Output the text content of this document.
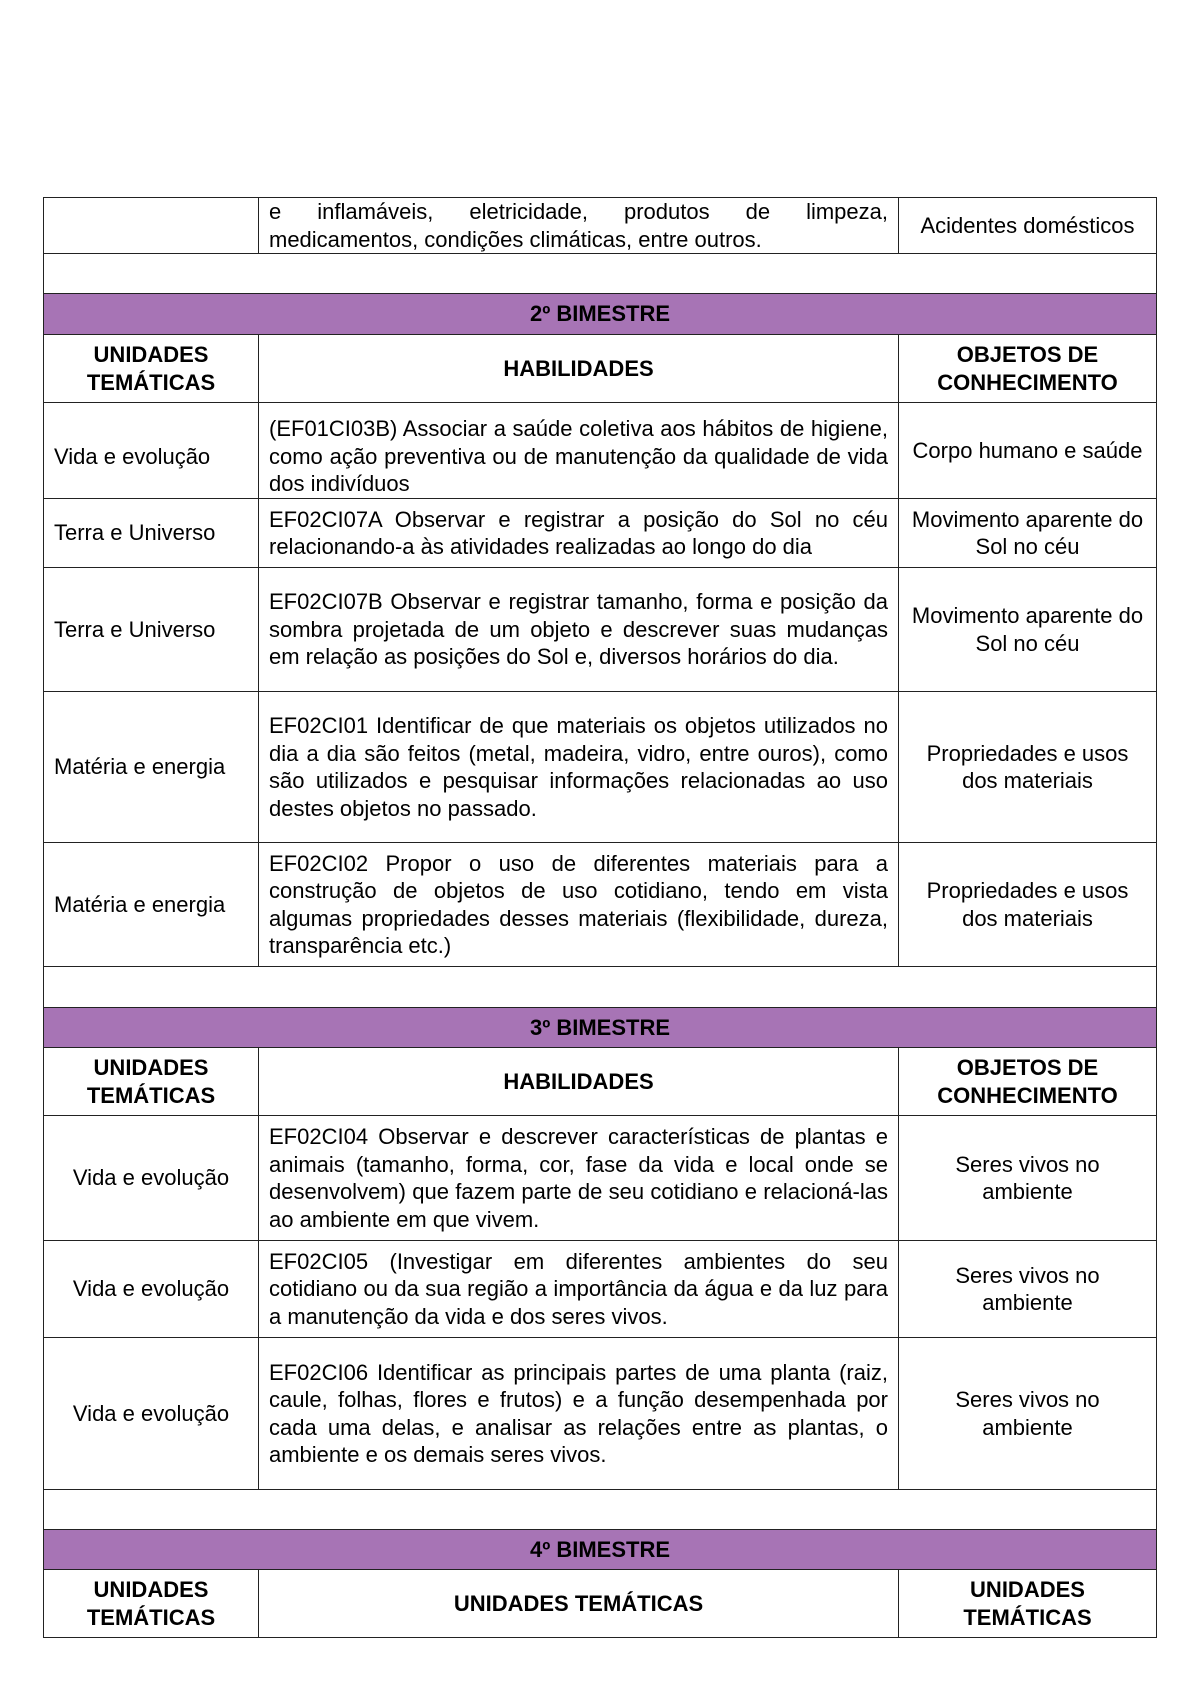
	e inflamáveis, eletricidade, produtos de limpeza, medicamentos, condições climáticas, entre outros.	Acidentes domésticos

2º BIMESTRE		
UNIDADES TEMÁTICAS	HABILIDADES	OBJETOS DE CONHECIMENTO
Vida e evolução	(EF01CI03B) Associar a saúde coletiva aos hábitos de higiene, como ação preventiva ou de manutenção da qualidade de vida dos indivíduos	Corpo humano e saúde
Terra e Universo	EF02CI07A Observar e registrar a posição do Sol no céu relacionando-a às atividades realizadas ao longo do dia	Movimento aparente do Sol no céu
Terra e Universo	EF02CI07B Observar e registrar tamanho, forma e posição da sombra projetada de um objeto e descrever suas mudanças em relação as posições do Sol e, diversos horários do dia.	Movimento aparente do Sol no céu
Matéria e energia	EF02CI01 Identificar de que materiais os objetos utilizados no dia a dia são feitos (metal, madeira, vidro, entre ouros), como são utilizados e pesquisar informações relacionadas ao uso destes objetos no passado.	Propriedades e usos dos materiais
Matéria e energia	EF02CI02 Propor o uso de diferentes materiais para a construção de objetos de uso cotidiano, tendo em vista algumas propriedades desses materiais (flexibilidade, dureza, transparência etc.)	Propriedades e usos dos materiais

3º BIMESTRE		
UNIDADES TEMÁTICAS	HABILIDADES	OBJETOS DE CONHECIMENTO
Vida e evolução	EF02CI04 Observar e descrever características de plantas e animais (tamanho, forma, cor, fase da vida e local onde se desenvolvem) que fazem parte de seu cotidiano e relacioná-las ao ambiente em que vivem.	Seres vivos no ambiente
Vida e evolução	EF02CI05 (Investigar em diferentes ambientes do seu cotidiano ou da sua região a importância da água e da luz para a manutenção da vida e dos seres vivos.	Seres vivos no ambiente
Vida e evolução	EF02CI06 Identificar as principais partes de uma planta (raiz, caule, folhas, flores e frutos) e a função desempenhada por cada uma delas, e analisar as relações entre as plantas, o ambiente e os demais seres vivos.	Seres vivos no ambiente

4º BIMESTRE		
UNIDADES TEMÁTICAS	UNIDADES TEMÁTICAS	UNIDADES TEMÁTICAS
